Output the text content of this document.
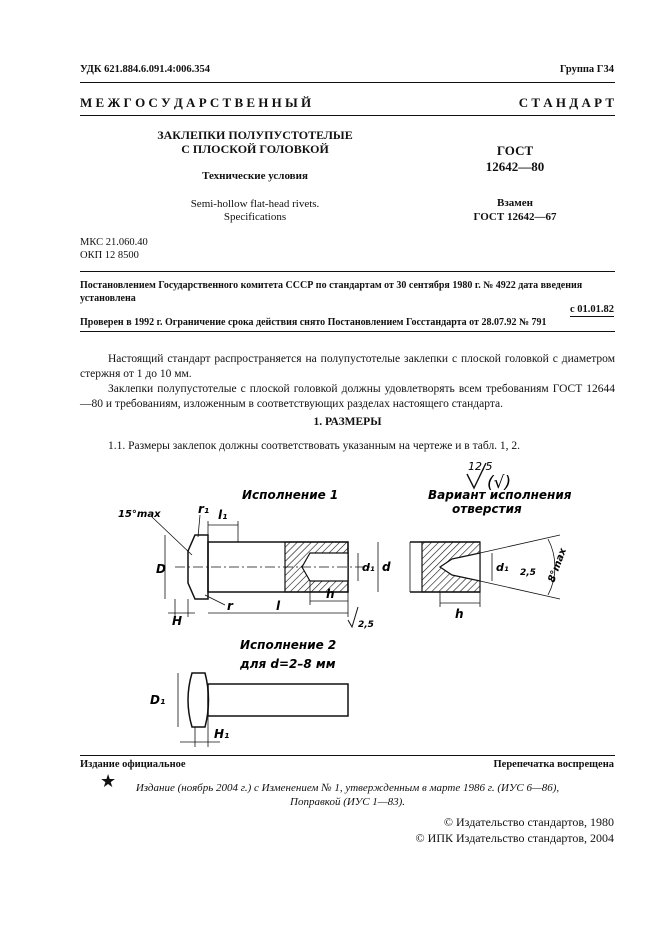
УДК 621.884.6.091.4:006.354	Группа Г34
М Е Ж Г О С У Д А Р С Т В Е Н Н Ы Й	С Т А Н Д А Р Т
ЗАКЛЕПКИ ПОЛУПУСТОТЕЛЫЕ
С ПЛОСКОЙ ГОЛОВКОЙ
Технические условия
Semi-hollow flat-head rivets.
Specifications
ГОСТ
12642—80
Взамен
ГОСТ 12642—67
МКС 21.060.40
ОКП 12 8500
Постановлением Государственного комитета СССР по стандартам от 30 сентября 1980 г. № 4922 дата введения
установлена
с 01.01.82
Проверен в 1992 г. Ограничение срока действия снято Постановлением Госстандарта от 28.07.92 № 791
Настоящий стандарт распространяется на полупустотелые заклепки с плоской головкой с диаметром стержня от 1 до 10 мм.
Заклепки полупустотелые с плоской головкой должны удовлетворять всем требованиям ГОСТ 12644—80 и требованиям, изложенным в соответствующих разделах настоящего стандарта.
1. РАЗМЕРЫ
1.1. Размеры заклепок должны соответствовать указанным на чертеже и в табл. 1, 2.
12,5
(√)
Исполнение 1
15°max	r₁ l₁
D	d₁ d
H
r	l
h
2,5
Вариант исполнения
отверстия
d₁
h
2,5 8°max
Исполнение 2
для d=2–8 мм
D₁
H₁
Издание официальное	Перепечатка воспрещена
★	Издание (ноябрь 2004 г.) с Изменением № 1, утвержденным в марте 1986 г. (ИУС 6—86),
Поправкой (ИУС 1—83).
© Издательство стандартов, 1980
© ИПК Издательство стандартов, 2004
